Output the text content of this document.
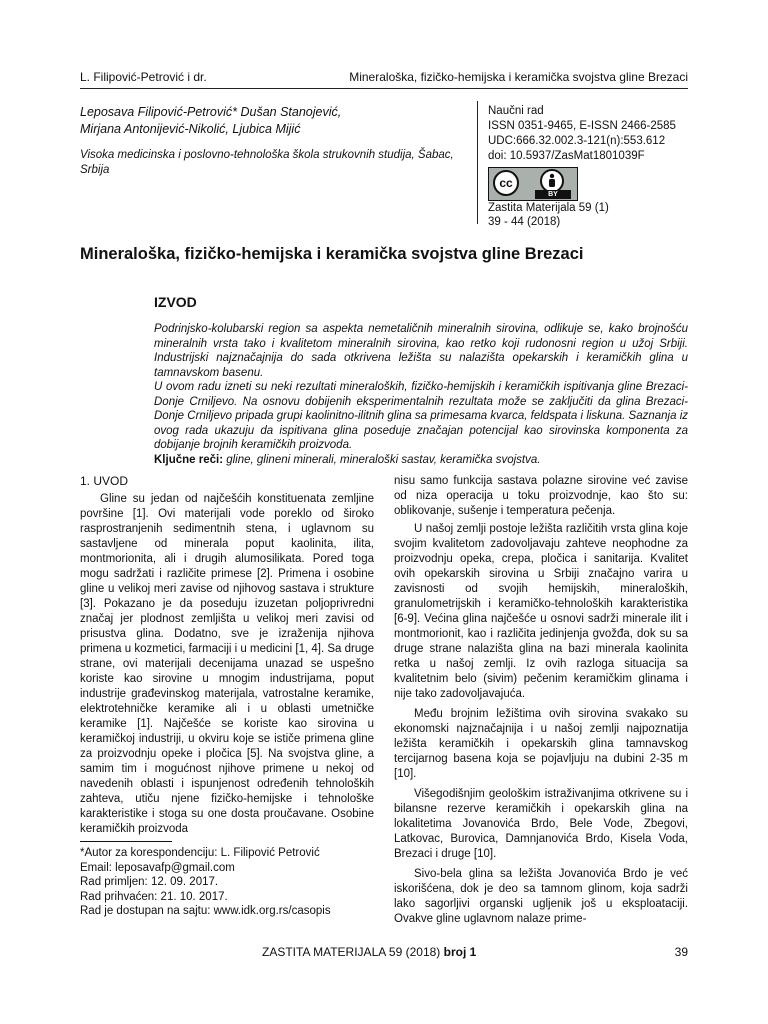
L. Filipović-Petrović i dr.	Mineraloška, fizičko-hemijska i keramička svojstva gline Brezaci
Leposava Filipović-Petrović* Dušan Stanojević,
Mirjana Antonijević-Nikolić, Ljubica Mijić
Visoka medicinska i poslovno-tehnološka škola strukovnih studija, Šabac, Srbija
Naučni rad
ISSN 0351-9465, E-ISSN 2466-2585
UDC:666.32.002.3-121(n):553.612
doi: 10.5937/ZasMat1801039F
cc
BY
Zastita Materijala 59 (1)
39 - 44 (2018)
Mineraloška, fizičko-hemijska i keramička svojstva gline Brezaci
IZVOD

Podrinjsko-kolubarski region sa aspekta nemetaličnih mineralnih sirovina, odlikuje se, kako brojnošću mineralnih vrsta tako i kvalitetom mineralnih sirovina, kao retko koji rudonosni region u užoj Srbiji. Industrijski najznačajnija do sada otkrivena ležišta su nalazišta opekarskih i keramičkih glina u tamnavskom basenu.

U ovom radu izneti su neki rezultati mineraloških, fizičko-hemijskih i keramičkih ispitivanja gline Brezaci-Donje Crniljevo. Na osnovu dobijenih eksperimentalnih rezultata može se zaključiti da glina Brezaci-Donje Crniljevo pripada grupi kaolinitno-ilitnih glina sa primesama kvarca, feldspata i liskuna. Saznanja iz ovog rada ukazuju da ispitivana glina poseduje značajan potencijal kao sirovinska komponenta za dobijanje brojnih keramičkih proizvoda.

Ključne reči: gline, glineni minerali, mineraloški sastav, keramička svojstva.

1. UVOD

Gline su jedan od najčešćih konstituenata zemljine površine [1]. Ovi materijali vode poreklo od široko rasprostranjenih sedimentnih stena, i uglavnom su sastavljene od minerala poput kaolinita, ilita, montmorionita, ali i drugih alumosilikata. Pored toga mogu sadržati i različite primese [2]. Primena i osobine gline u velikoj meri zavise od njihovog sastava i strukture [3]. Pokazano je da poseduju izuzetan poljoprivredni značaj jer plodnost zemljišta u velikoj meri zavisi od prisustva glina. Dodatno, sve je izraženija njihova primena u kozmetici, farmaciji i u medicini [1, 4]. Sa druge strane, ovi materijali decenijama unazad se uspešno koriste kao sirovine u mnogim industrijama, poput industrije građevinskog materijala, vatrostalne keramike, elektrotehničke keramike ali i u oblasti umetničke keramike [1]. Najčešće se koriste kao sirovina u keramičkoj industriji, u okviru koje se ističe primena gline za proizvodnju opeke i pločica [5]. Na svojstva gline, a samim tim i mogućnost njihove primene u nekoj od navedenih oblasti i ispunjenost određenih tehnoloških zahteva, utiču njene fizičko-hemijske i tehnološke karakteristike i stoga su one dosta proučavane. Osobine keramičkih proizvoda

*Autor za korespondenciju: L. Filipović Petrović
Email: leposavafp@gmail.com
Rad primljen: 12. 09. 2017.
Rad prihvaćen: 21. 10. 2017.
Rad je dostupan na sajtu: www.idk.org.rs/casopis

nisu samo funkcija sastava polazne sirovine već zavise od niza operacija u toku proizvodnje, kao što su: oblikovanje, sušenje i temperatura pečenja.

U našoj zemlji postoje ležišta različitih vrsta glina koje svojim kvalitetom zadovoljavaju zahteve neophodne za proizvodnju opeka, crepa, pločica i sanitarija. Kvalitet ovih opekarskih sirovina u Srbiji značajno varira u zavisnosti od svojih hemijskih, mineraloških, granulometrijskih i keramičko-tehnoloških karakteristika [6-9]. Većina glina najčešće u osnovi sadrži minerale ilit i montmorionit, kao i različita jedinjenja gvožđa, dok su sa druge strane nalazišta glina na bazi minerala kaolinita retka u našoj zemlji. Iz ovih razloga situacija sa kvalitetnim belo (sivim) pečenim keramičkim glinama i nije tako zadovoljavajuća.

Među brojnim ležištima ovih sirovina svakako su ekonomski najznačajnija i u našoj zemlji najpoznatija ležišta keramičkih i opekarskih glina tamnavskog tercijarnog basena koja se pojavljuju na dubini 2-35 m [10].

Višegodišnjim geološkim istraživanjima otkrivene su i bilansne rezerve keramičkih i opekarskih glina na lokalitetima Jovanovića Brdo, Bele Vode, Zbegovi, Latkovac, Burovica, Damnjanovića Brdo, Kisela Voda, Brezaci i druge [10].

Sivo-bela glina sa ležišta Jovanovića Brdo je već iskorišćena, dok je deo sa tamnom glinom, koja sadrži lako sagorljivi organski ugljenik još u eksploataciji. Ovakve gline uglavnom nalaze prime-

ZASTITA MATERIJALA 59 (2018) broj 1	39
